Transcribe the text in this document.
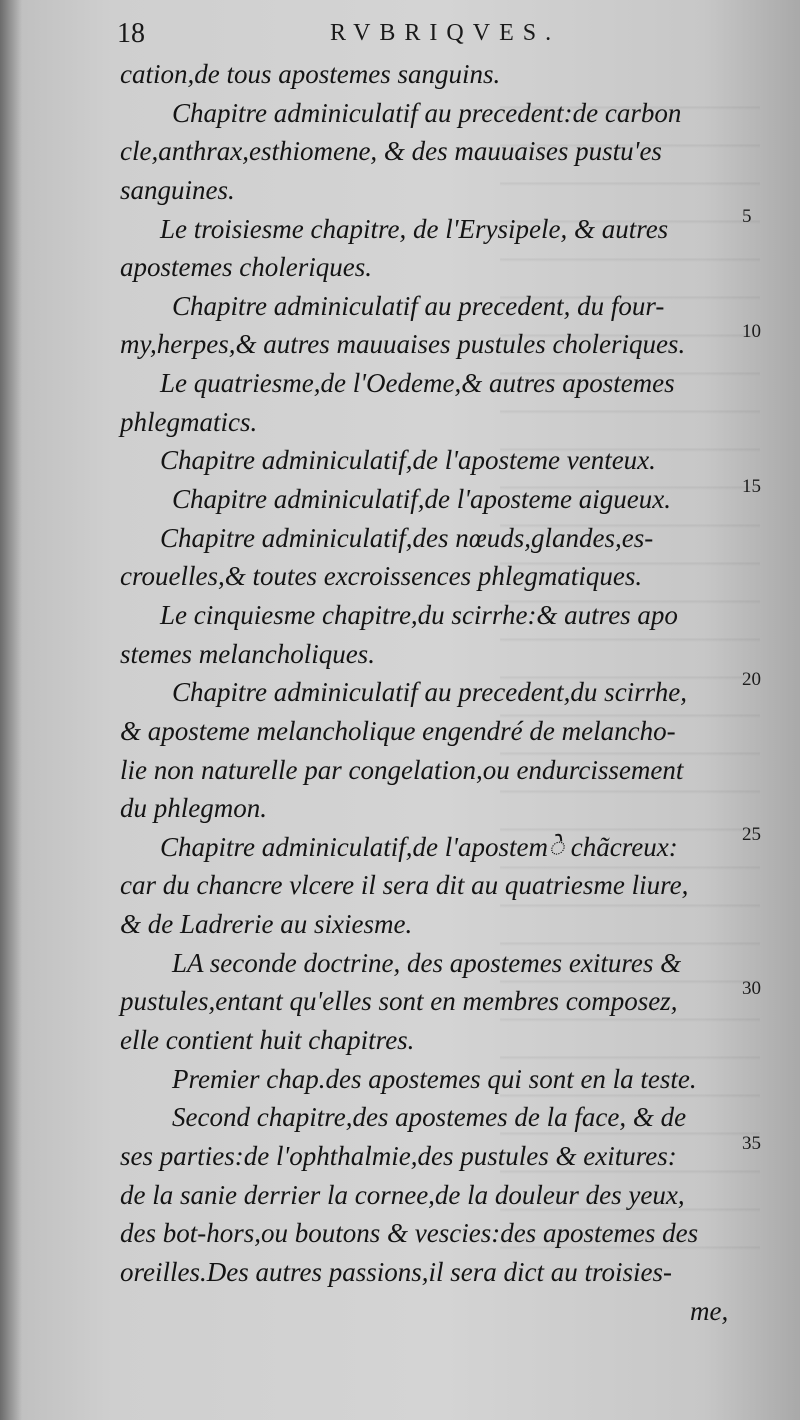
18	RVBRIQVES.
cation,de tous apostemes sanguins.
Chapitre adminiculatif au precedent:de carbon
cle,anthrax,esthiomene, & des mauuaises pustu'es
sanguines.
Le troisiesme chapitre, de l'Erysipele, & autres	5
apostemes choleriques.
Chapitre adminiculatif au precedent, du four-
my,herpes,& autres mauuaises pustules choleriques.	10
Le quatriesme,de l'Oedeme,& autres apostemes
phlegmatics.
Chapitre adminiculatif,de l'aposteme venteux.
Chapitre adminiculatif,de l'aposteme aigueux.	15
Chapitre adminiculatif,des nœuds,glandes,es-
crouelles,& toutes excroissences phlegmatiques.
Le cinquiesme chapitre,du scirrhe:& autres apo
stemes melancholiques.
Chapitre adminiculatif au precedent,du scirrhe,	20
& aposteme melancholique engendré de melancho-
lie non naturelle par congelation,ou endurcissement
du phlegmon.
Chapitre adminiculatif,de l'apostemे chãcreux:	25
car du chancre vlcere il sera dit au quatriesme liure,
& de Ladrerie au sixiesme.
LA seconde doctrine, des apostemes exitures &
pustules,entant qu'elles sont en membres composez,	30
elle contient huit chapitres.
Premier chap.des apostemes qui sont en la teste.
Second chapitre,des apostemes de la face, & de
ses parties:de l'ophthalmie,des pustules & exitures:	35
de la sanie derrier la cornee,de la douleur des yeux,
des bot-hors,ou boutons & vescies:des apostemes des
oreilles.Des autres passions,il sera dict au troisies-
me,
